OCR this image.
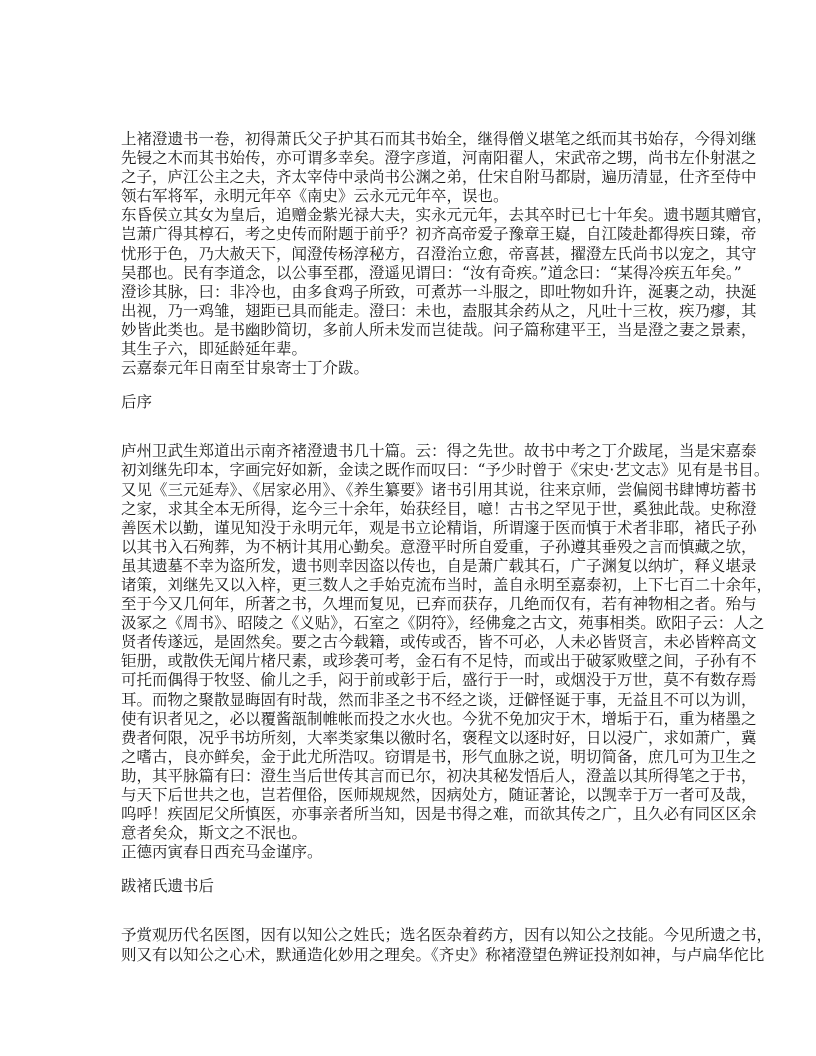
上褚澄遗书一卷，初得萧氏父子护其石而其书始全，继得僧义堪笔之纸而其书始存，今得刘继
先锓之木而其书始传，亦可谓多幸矣。澄字彦道，河南阳翟人，宋武帝之甥，尚书左仆射湛之
之子，庐江公主之夫，齐太宰侍中录尚书公渊之弟，仕宋自附马都尉，遍历清显，仕齐至侍中
领右军将军，永明元年卒《南史》云永元元年卒，误也。

东昏侯立其女为皇后，追赠金紫光禄大夫，实永元元年，去其卒时已七十年矣。遗书题其赠官，
岂萧广得其椁石，考之史传而附题于前乎？初齐高帝爱子豫章王嶷，自江陵赴都得疾日臻，帝
忧形于色，乃大赦天下，闻澄传杨淳秘方，召澄治立愈，帝喜甚，擢澄左氏尚书以宠之，其守
吴郡也。民有李道念，以公事至郡，澄遥见谓曰：“汝有奇疾。”道念曰：“某得冷疾五年矣。”
澄诊其脉，曰：非冷也，由多食鸡子所致，可煮苏一斗服之，即吐物如升许，涎裹之动，抉涎
出视，乃一鸡雏，翅距已具而能走。澄曰：未也，盍服其余药从之，凡吐十三枚，疾乃瘳，其
妙皆此类也。是书幽眇简切，多前人所未发而岂徒哉。问子篇称建平王，当是澄之妻之景素，
其生子六，即延龄延年辈。

云嘉泰元年日南至甘泉寄士丁介跋。

后序

庐州卫武生郑道出示南齐褚澄遗书几十篇。云：得之先世。故书中考之丁介跋尾，当是宋嘉泰
初刘继先印本，字画完好如新，金读之既作而叹曰：“予少时曾于《宋史·艺文志》见有是书目。
又见《三元延寿》、《居家必用》、《养生纂要》诸书引用其说，往来京师，尝偏阅书肆博坊蓄书
之家，求其全本无所得，迄今三十余年，始获经目，噫！古书之罕见于世，奚独此哉。史称澄
善医术以勤，谨见知没于永明元年，观是书立论精诣，所谓邃于医而慎于术者非耶，褚氏子孙
以其书入石殉葬，为不柄计其用心勤矣。意澄平时所自爱重，子孙遵其垂殁之言而慎藏之欤，
虽其遗墓不幸为盗所发，遗书则幸因盗以传也，自是萧广载其石，广子渊复以纳圹，释义堪录
诸策，刘继先又以入梓，更三数人之手始克流布当时，盖自永明至嘉泰初，上下七百二十余年，
至于今又几何年，所著之书，久埋而复见，已弃而获存，几绝而仅有，若有神物相之者。殆与
汲冢之《周书》、昭陵之《义贴》，石室之《阴符》，经佛龛之古文，苑事相类。欧阳子云：人之
贤者传遂远，是固然矣。要之古今载籍，或传或否，皆不可必，人未必皆贤言，未必皆粹高文
钜册，或散佚无闻片楮尺素，或珍袭可考，金石有不足恃，而或出于破冢败壁之间，子孙有不
可托而偶得于牧竖、偷儿之手，闷于前或彰于后，盛行于一时，或烟没于万世，莫不有数存焉
耳。而物之聚散显晦固有时哉，然而非圣之书不经之谈，迂僻怪诞于事，无益且不可以为训，
使有识者见之，必以覆酱瓿制帷帐而投之水火也。今犹不免加灾于木，增垢于石，重为楮墨之
费者何限，况乎书坊所刻，大率类家集以徼时名，褒程文以逐时好，日以浸广，求如萧广，冀
之嗜古，良亦鲜矣，金于此尤所浩叹。窃谓是书，形气血脉之说，明切简备，庶几可为卫生之
助，其平脉篇有曰：澄生当后世传其言而已尔，初决其秘发悟后人，澄盖以其所得笔之于书，
与天下后世共之也，岂若俚俗，医师规规然，因病处方，随证著论，以觊幸于万一者可及哉，
呜呼！疾固尼父所慎医，亦事亲者所当知，因是书得之难，而欲其传之广，且久必有同区区余
意者矣众，斯文之不泯也。

正德丙寅春日西充马金谨序。

跋褚氏遗书后

予赏观历代名医图，因有以知公之姓氏；选名医杂着药方，因有以知公之技能。今见所遗之书，
则又有以知公之心术，默通造化妙用之理矣。《齐史》称褚澄望色辨证投剂如神，与卢扁华佗比
